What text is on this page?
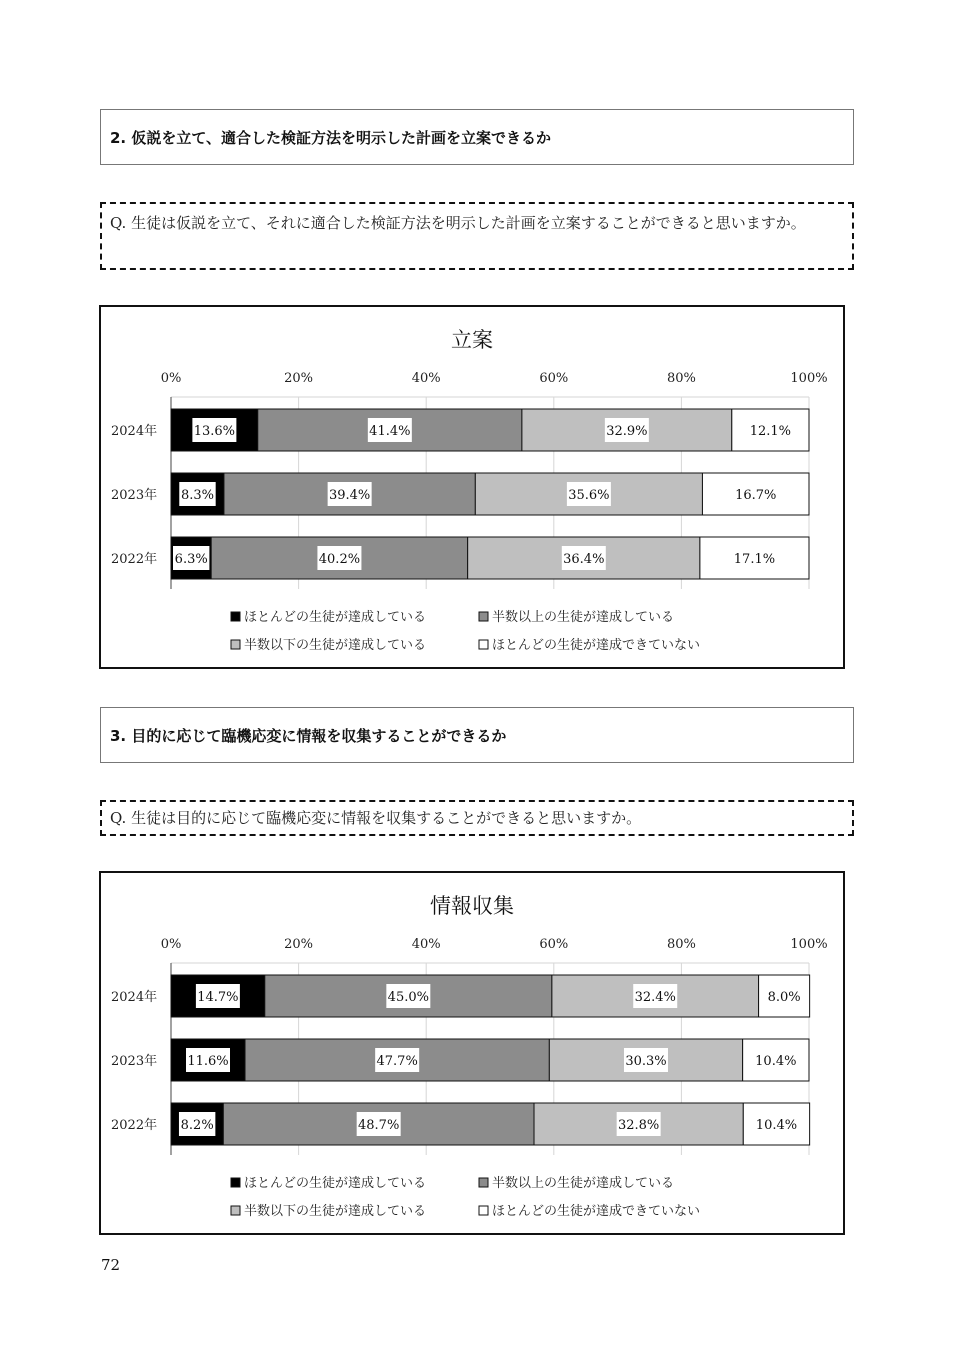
2. 仮説を立て、適合した検証方法を明示した計画を立案できるか
Q. 生徒は仮説を立て、それに適合した検証方法を明示した計画を立案することができると思いますか。
立案
0%	20%	40%	60%	80%	100%
2024年	13.6%	41.4%	32.9%	12.1%
2023年 8.3%	39.4%	35.6%	16.7%
2022年 6.3%	40.2%	36.4%	17.1%
ほとんどの生徒が達成している	半数以上の生徒が達成している
半数以下の生徒が達成している	ほとんどの生徒が達成できていない
3. 目的に応じて臨機応変に情報を収集することができるか
Q. 生徒は目的に応じて臨機応変に情報を収集することができると思いますか。
情報収集
0%	20%	40%	60%	80%	100%
2024年	14.7%	45.0%	32.4%	8.0%
2023年 11.6%	47.7%	30.3%	10.4%
2022年 8.2%	48.7%	32.8%	10.4%
ほとんどの生徒が達成している	半数以上の生徒が達成している
半数以下の生徒が達成している	ほとんどの生徒が達成できていない
72
